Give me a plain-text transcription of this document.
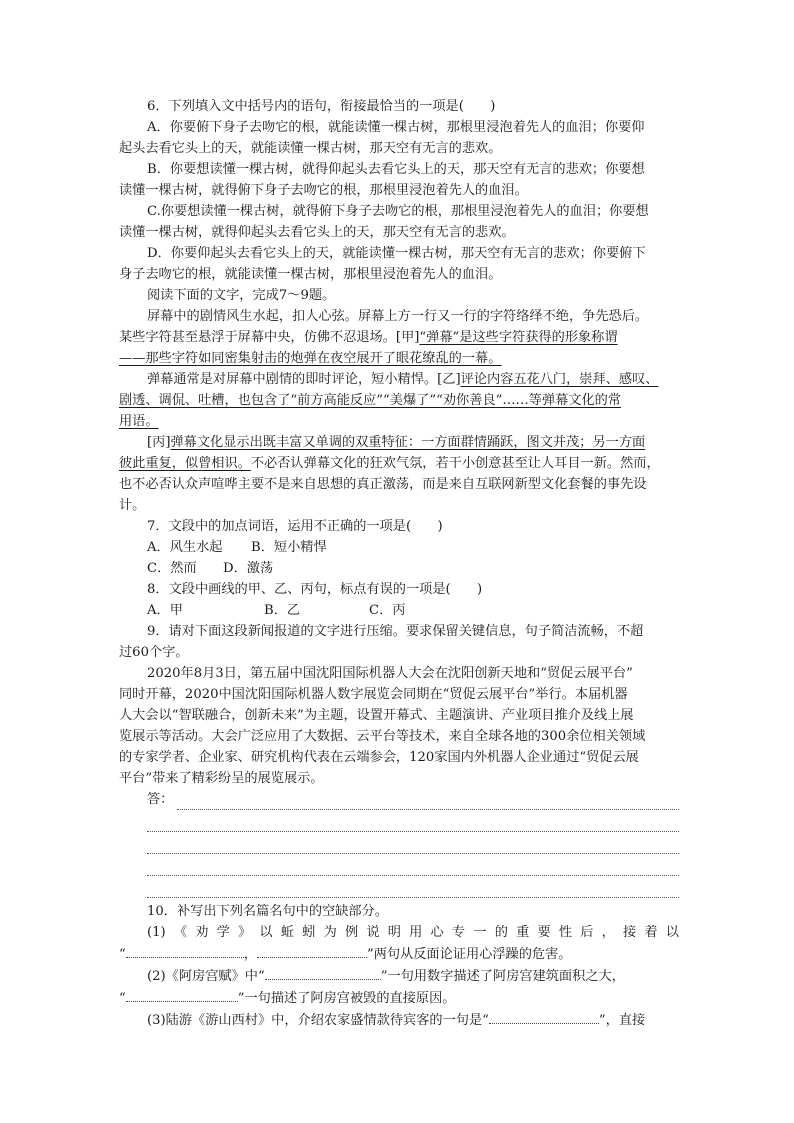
6．下列填入文中括号内的语句，衔接最恰当的一项是(　　)

A．你要俯下身子去吻它的根，就能读懂一棵古树，那根里浸泡着先人的血泪；你要仰

起头去看它头上的天，就能读懂一棵古树，那天空有无言的悲欢。

B．你要想读懂一棵古树，就得仰起头去看它头上的天，那天空有无言的悲欢；你要想

读懂一棵古树，就得俯下身子去吻它的根，那根里浸泡着先人的血泪。

C.你要想读懂一棵古树，就得俯下身子去吻它的根，那根里浸泡着先人的血泪；你要想

读懂一棵古树，就得仰起头去看它头上的天，那天空有无言的悲欢。

D．你要仰起头去看它头上的天，就能读懂一棵古树，那天空有无言的悲欢；你要俯下

身子去吻它的根，就能读懂一棵古树，那根里浸泡着先人的血泪。

阅读下面的文字，完成7～9题。

屏幕中的剧情风生水起，扣人心弦。屏幕上方一行又一行的字符络绎不绝，争先恐后。

某些字符甚至悬浮于屏幕中央，仿佛不忍退场。[甲]“弹幕”是这些字符获得的形象称谓

——那些字符如同密集射击的炮弹在夜空展开了眼花缭乱的一幕。

弹幕通常是对屏幕中剧情的即时评论，短小精悍。[乙]评论内容五花八门，崇拜、感叹、

剧透、调侃、吐槽，也包含了“前方高能反应”“美爆了”“劝你善良”……等弹幕文化的常

用语。

[丙]弹幕文化显示出既丰富又单调的双重特征：一方面群情踊跃，图文并茂；另一方面

彼此重复，似曾相识。不必否认弹幕文化的狂欢气氛，若干小创意甚至让人耳目一新。然而，

也不必否认众声喧哗主要不是来自思想的真正激荡，而是来自互联网新型文化套餐的事先设

计。

7．文段中的加点词语，运用不正确的一项是(　　)

A．风生水起	B．短小精悍
C．然而	D．激荡

8．文段中画线的甲、乙、丙句，标点有误的一项是(　　)

A．甲	B．乙	C．丙

9．请对下面这段新闻报道的文字进行压缩。要求保留关键信息，句子简洁流畅，不超

过60个字。

2020年8月3日，第五届中国沈阳国际机器人大会在沈阳创新天地和“贸促云展平台”

同时开幕，2020中国沈阳国际机器人数字展览会同期在“贸促云展平台”举行。本届机器

人大会以“智联融合，创新未来”为主题，设置开幕式、主题演讲、产业项目推介及线上展

览展示等活动。大会广泛应用了大数据、云平台等技术，来自全球各地的300余位相关领域

的专家学者、企业家、研究机构代表在云端参会，120家国内外机器人企业通过“贸促云展

平台”带来了精彩纷呈的展览展示。

答：

10．补写出下列名篇名句中的空缺部分。

(1)《劝学》以蚯蚓为例说明用心专一的重要性后，接着以

“	，	”两句从反面论证用心浮躁的危害。

(2)《阿房宫赋》中“	”一句用数字描述了阿房宫建筑面积之大，

“	”一句描述了阿房宫被毁的直接原因。

(3)陆游《游山西村》中，介绍农家盛情款待宾客的一句是“	”，直接
